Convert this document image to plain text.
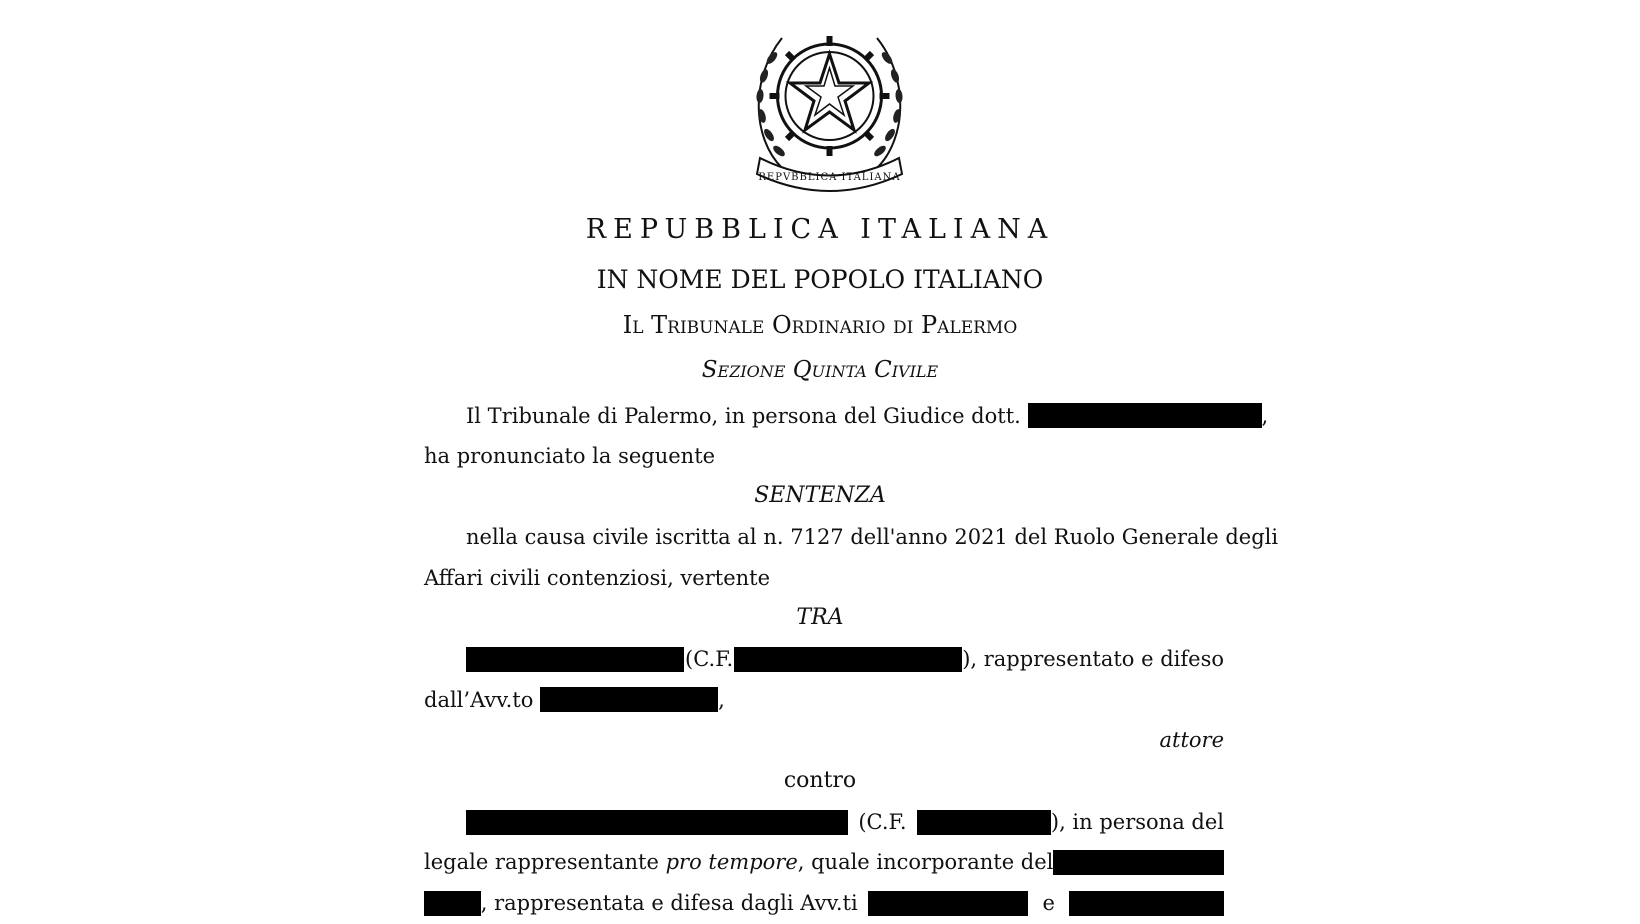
REPVBBLICA ITALIANA
REPUBBLICA ITALIANA
IN NOME DEL POPOLO ITALIANO
Il Tribunale Ordinario di Palermo
Sezione Quinta Civile
Il Tribunale di Palermo, in persona del Giudice dott.	,
ha pronunciato la seguente
SENTENZA
nella causa civile iscritta al n. 7127 dell'anno 2021 del Ruolo Generale degli
Affari civili contenziosi, vertente
TRA
(C.F.	), rappresentato e difeso
dall’Avv.to	,
attore
contro
(C.F.	), in persona del
legale rappresentante
pro tempore , quale incorporante del
, rappresentata e difesa dagli Avv.ti	e
